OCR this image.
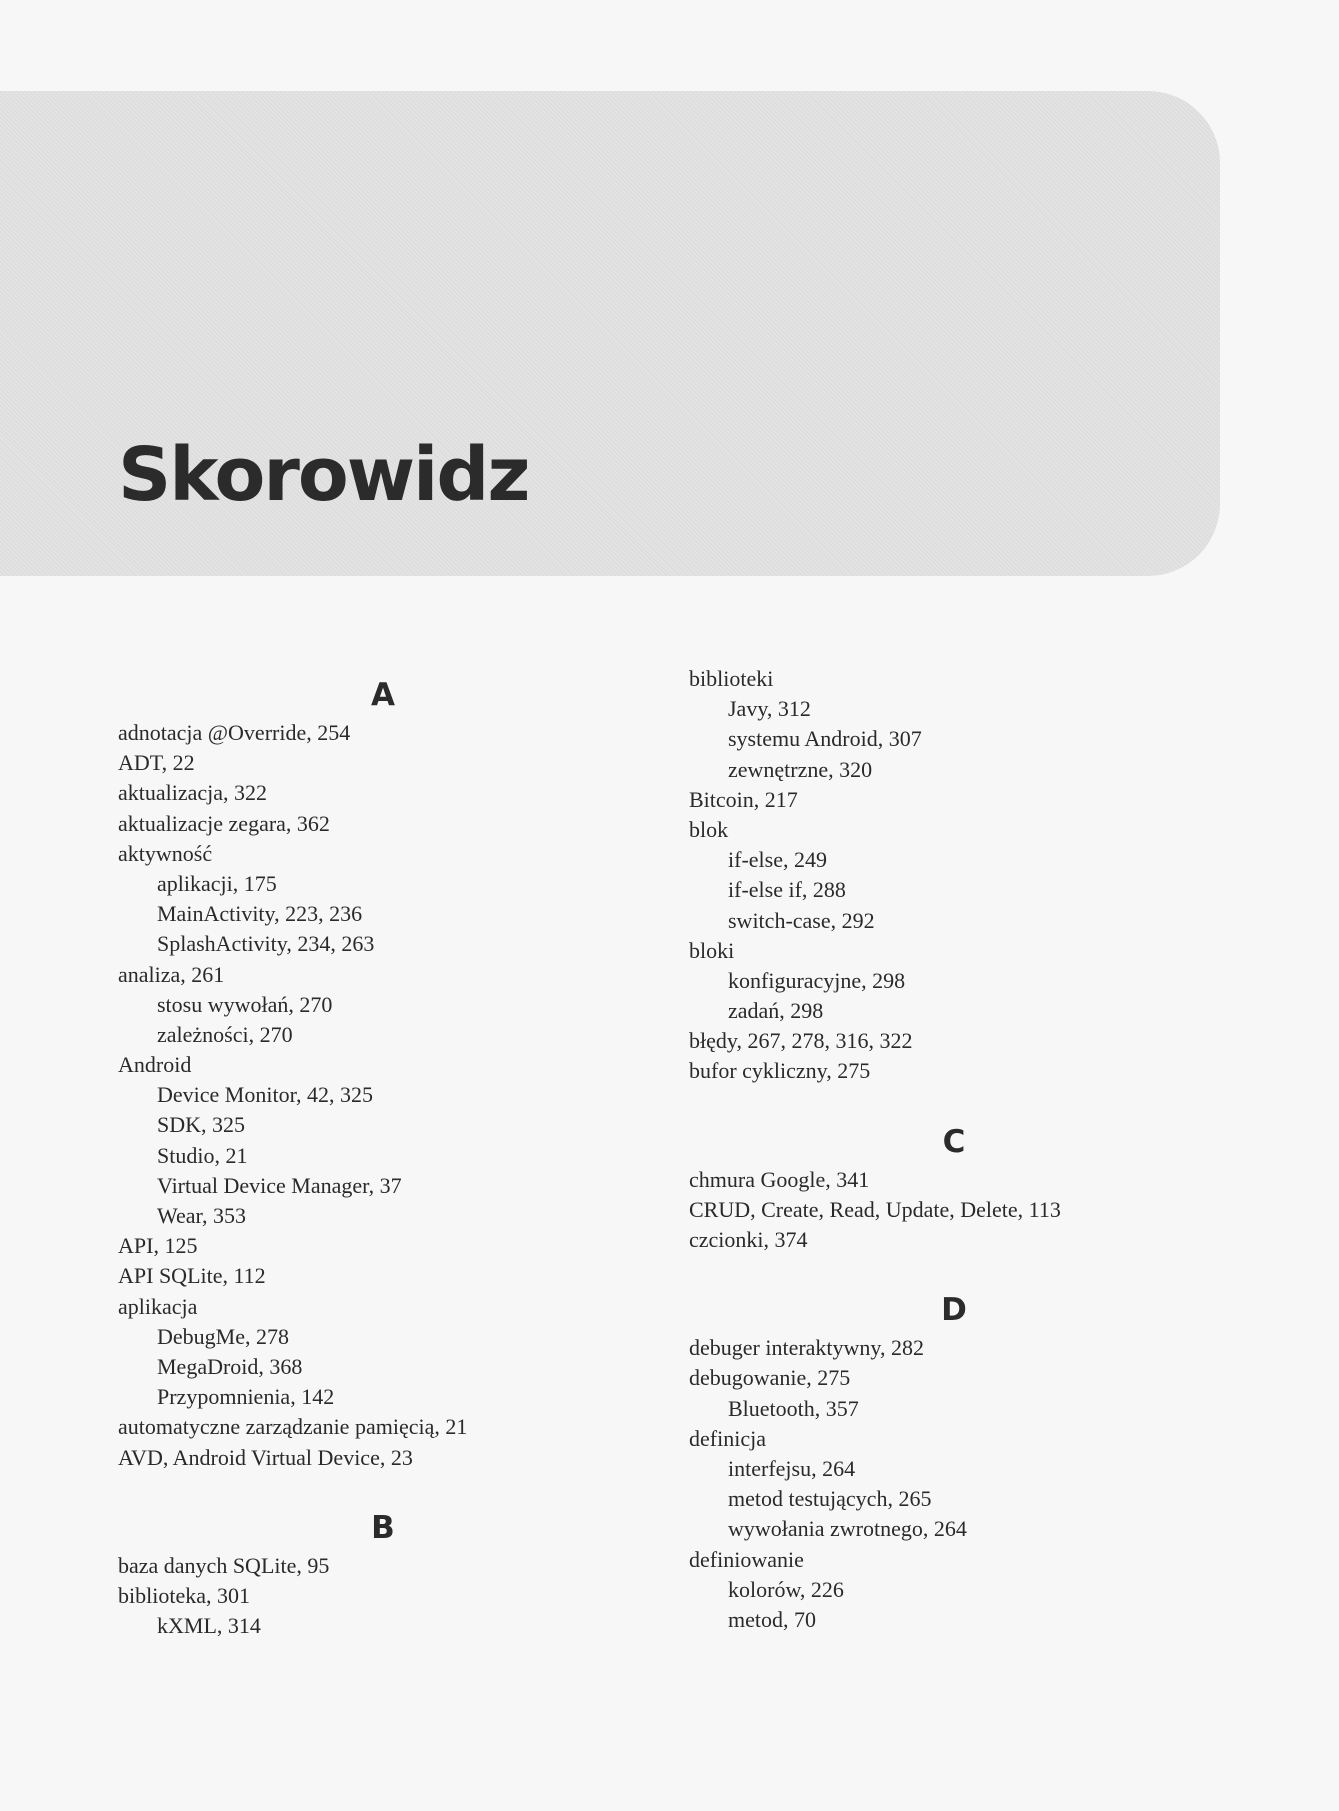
Skorowidz
A
adnotacja @Override, 254
ADT, 22
aktualizacja, 322
aktualizacje zegara, 362
aktywność
aplikacji, 175
MainActivity, 223, 236
SplashActivity, 234, 263
analiza, 261
stosu wywołań, 270
zależności, 270
Android
Device Monitor, 42, 325
SDK, 325
Studio, 21
Virtual Device Manager, 37
Wear, 353
API, 125
API SQLite, 112
aplikacja
DebugMe, 278
MegaDroid, 368
Przypomnienia, 142
automatyczne zarządzanie pamięcią, 21
AVD, Android Virtual Device, 23
B
baza danych SQLite, 95
biblioteka, 301
kXML, 314
biblioteki
Javy, 312
systemu Android, 307
zewnętrzne, 320
Bitcoin, 217
blok
if-else, 249
if-else if, 288
switch-case, 292
bloki
konfiguracyjne, 298
zadań, 298
błędy, 267, 278, 316, 322
bufor cykliczny, 275
C
chmura Google, 341
CRUD, Create, Read, Update, Delete, 113
czcionki, 374
D
debuger interaktywny, 282
debugowanie, 275
Bluetooth, 357
definicja
interfejsu, 264
metod testujących, 265
wywołania zwrotnego, 264
definiowanie
kolorów, 226
metod, 70
